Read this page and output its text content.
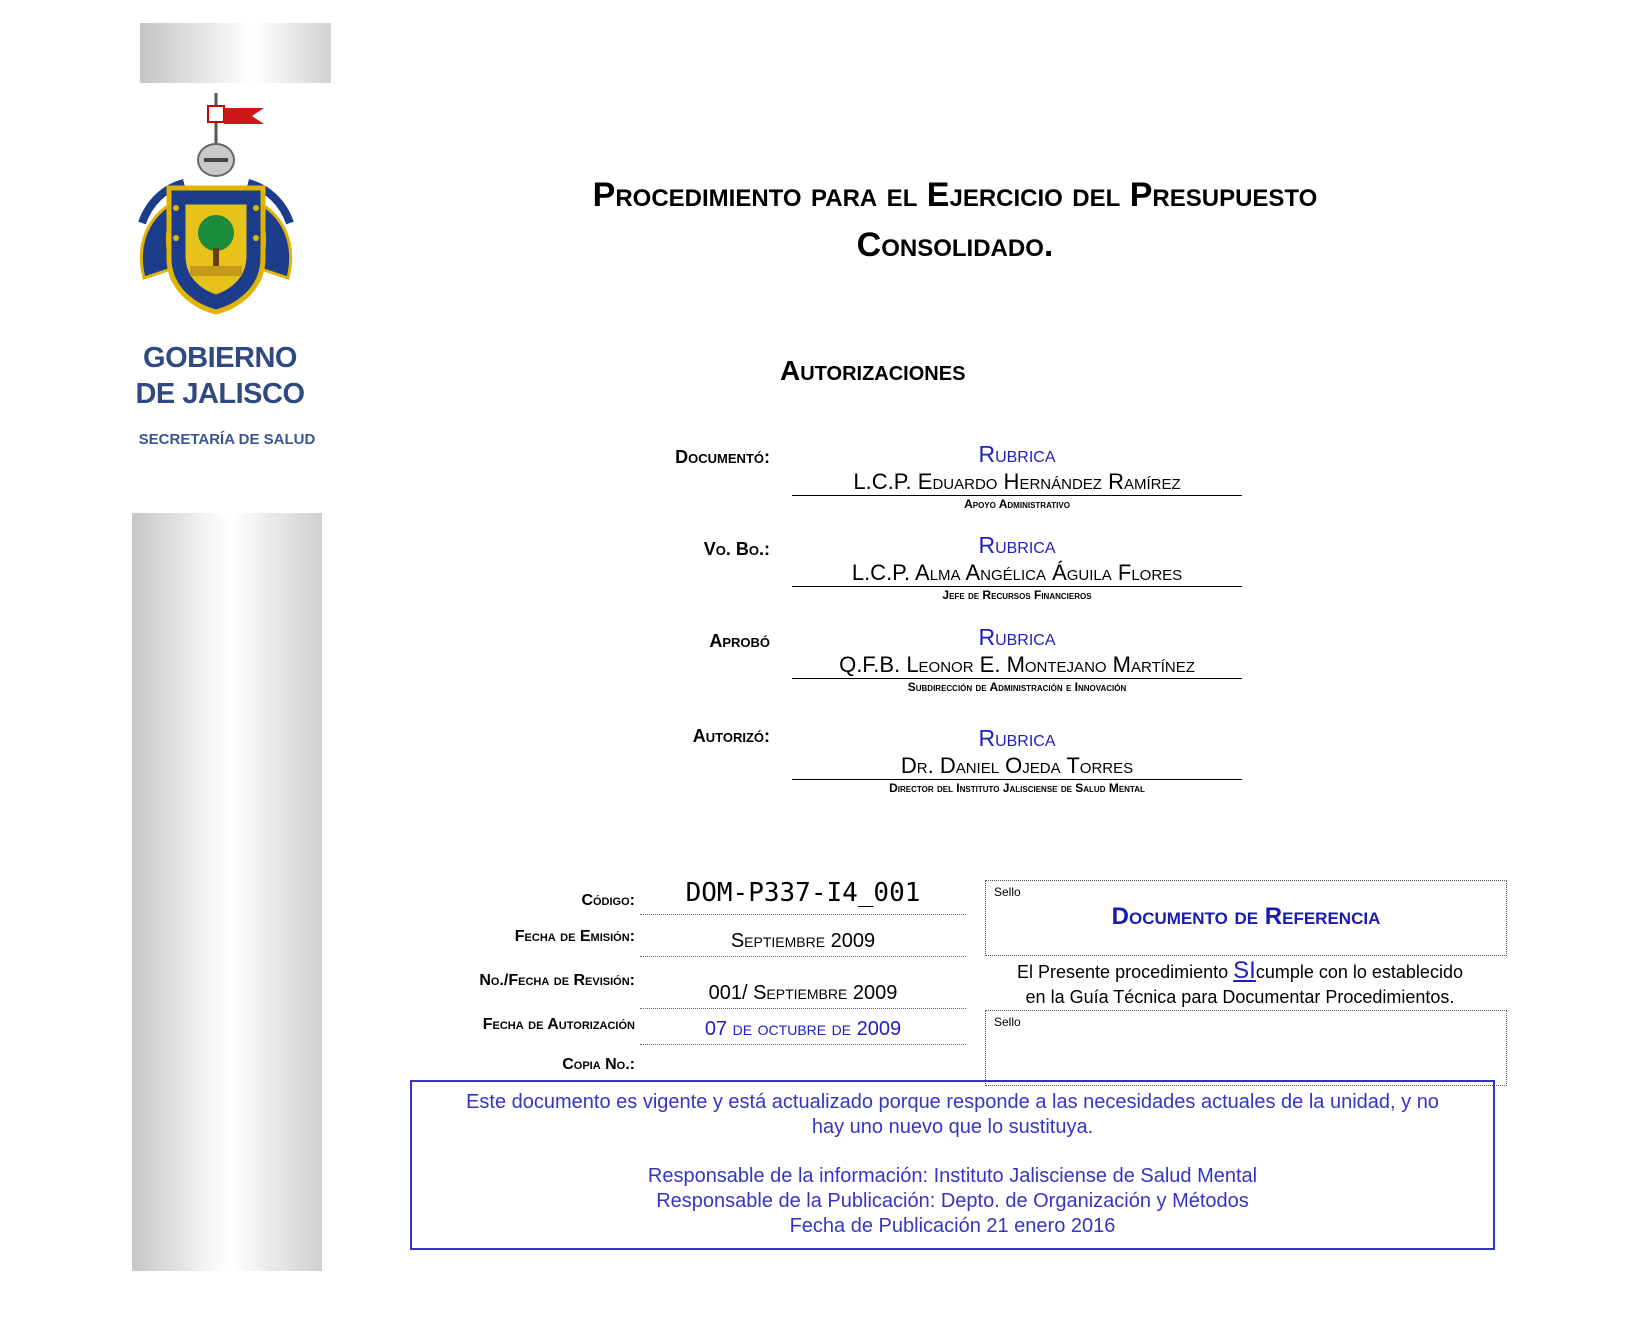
GOBIERNO
DE JALISCO
SECRETARÍA DE SALUD
Procedimiento para el Ejercicio del Presupuesto
Consolidado.
Autorizaciones
Documentó:	Rubrica
L.C.P. Eduardo Hernández Ramírez
Apoyo Administrativo
Vo. Bo.:	Rubrica
L.C.P. Alma Angélica Águila Flores
Jefe de Recursos Financieros
Aprobó	Rubrica
Q.F.B. Leonor E. Montejano Martínez
Subdirección de Administración e Innovación
Autorizó:	Rubrica
Dr. Daniel Ojeda Torres
Director del Instituto Jalisciense de Salud Mental
Código:	DOM-P337-I4_001
Fecha de Emisión:	Septiembre 2009
No./Fecha de Revisión:
001/ Septiembre 2009
Fecha de Autorización	07 de octubre de 2009
Copia No.:
Sello
Documento de Referencia
El Presente procedimiento SIcumple con lo establecido
en la Guía Técnica para Documentar Procedimientos.
Sello

Este documento es vigente y está actualizado porque responde a las necesidades actuales de la unidad, y no

hay uno nuevo que lo sustituya.

Responsable de la información: Instituto Jalisciense de Salud Mental

Responsable de la Publicación: Depto. de Organización y Métodos

Fecha de Publicación 21 enero 2016
